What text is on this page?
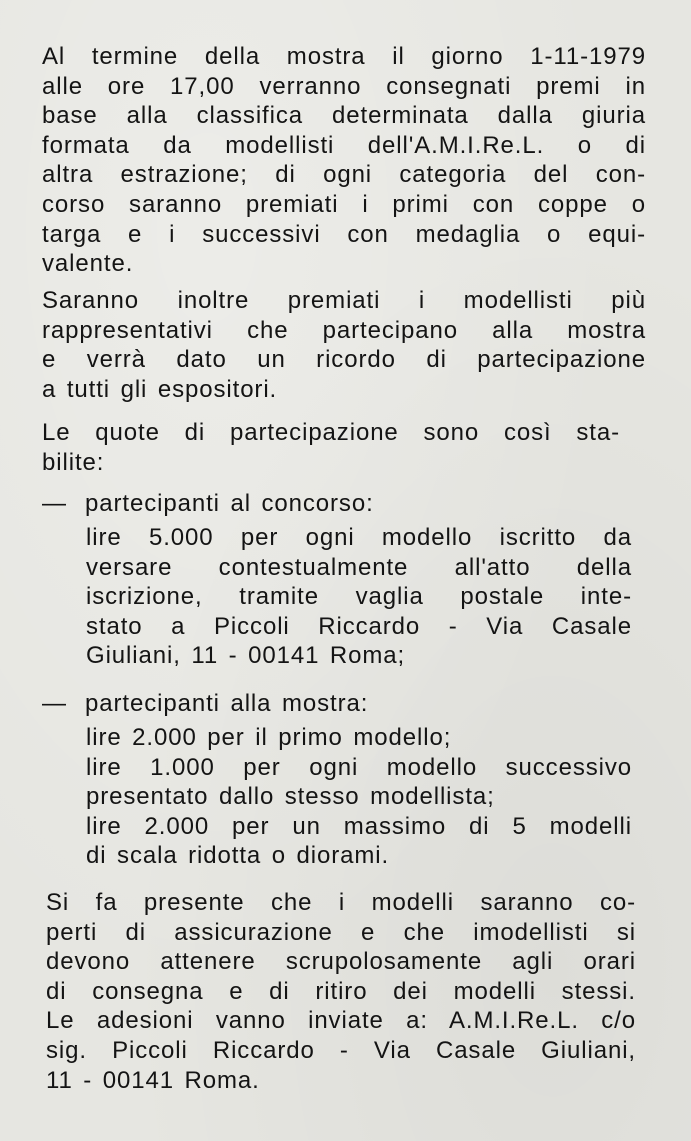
Al termine della mostra il giorno 1-11-1979
alle ore 17,00 verranno consegnati premi in
base alla classifica determinata dalla giuria
formata da modellisti dell'A.M.I.Re.L. o di
altra estrazione; di ogni categoria del con-
corso saranno premiati i primi con coppe o
targa e i successivi con medaglia o equi-
valente.
Saranno inoltre premiati i modellisti più
rappresentativi che partecipano alla mostra
e verrà dato un ricordo di partecipazione
a tutti gli espositori.
Le quote di partecipazione sono così sta-
bilite:
— partecipanti al concorso:
lire 5.000 per ogni modello iscritto da
versare contestualmente all'atto della
iscrizione, tramite vaglia postale inte-
stato a Piccoli Riccardo - Via Casale
Giuliani, 11 - 00141 Roma;
— partecipanti alla mostra:
lire 2.000 per il primo modello;
lire 1.000 per ogni modello successivo
presentato dallo stesso modellista;
lire 2.000 per un massimo di 5 modelli
di scala ridotta o diorami.
Si fa presente che i modelli saranno co-
perti di assicurazione e che imodellisti si
devono attenere scrupolosamente agli orari
di consegna e di ritiro dei modelli stessi.
Le adesioni vanno inviate a: A.M.I.Re.L. c/o
sig. Piccoli Riccardo - Via Casale Giuliani,
11 - 00141 Roma.
